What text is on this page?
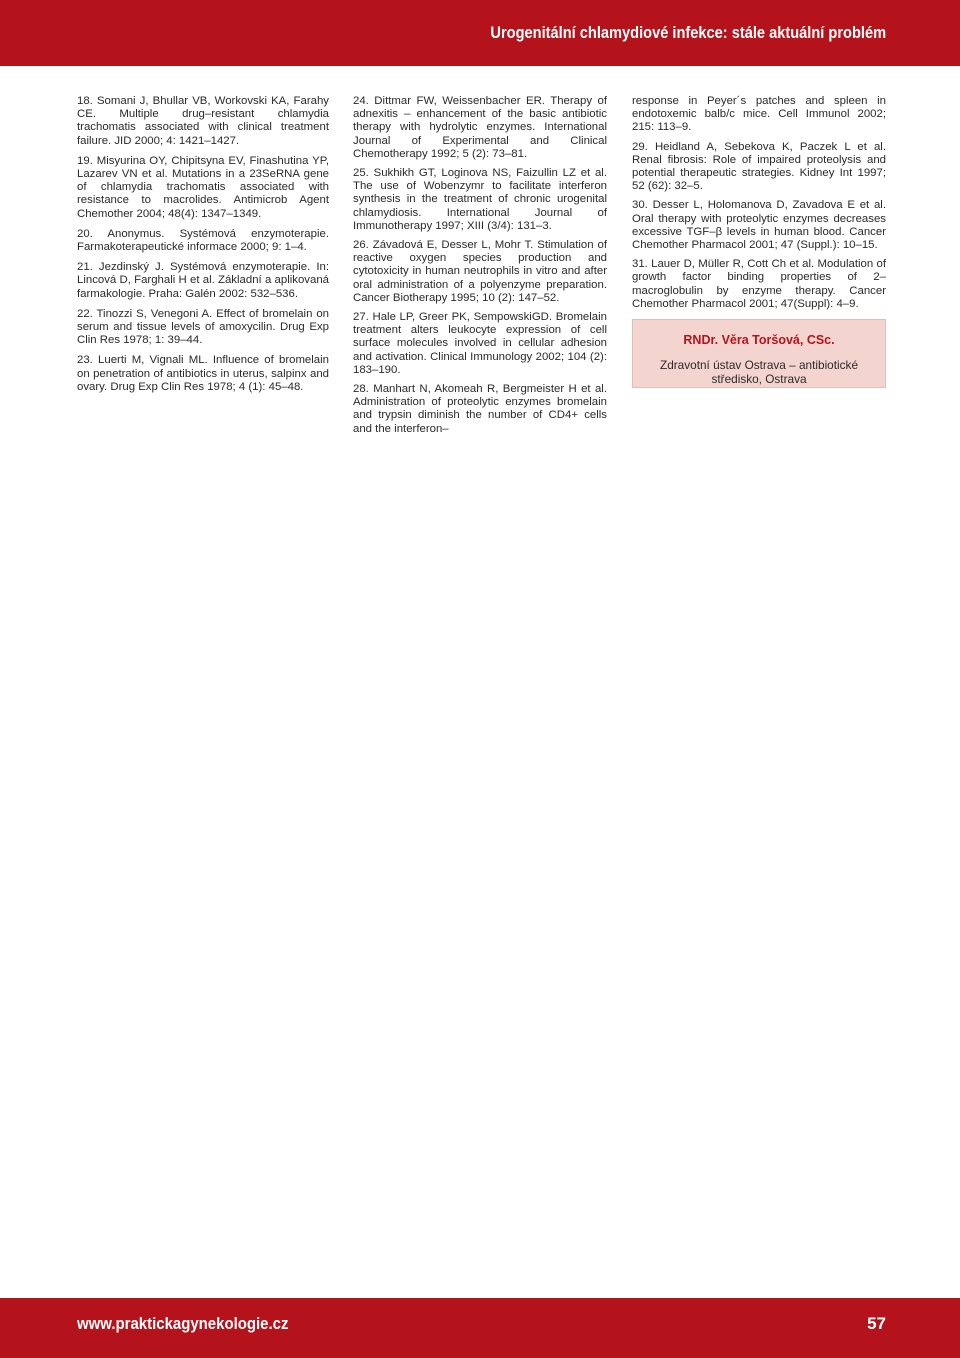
Urogenitální chlamydiové infekce: stále aktuální problém

18. Somani J, Bhullar VB, Workovski KA, Farahy CE. Multiple drug–resistant chlamydia trachomatis associated with clinical treatment failure. JID 2000; 4: 1421–1427.

19. Misyurina OY, Chipitsyna EV, Finashutina YP, Lazarev VN et al. Mutations in a 23SeRNA gene of chlamydia trachomatis associated with resistance to macrolides. Antimicrob Agent Chemother 2004; 48(4): 1347–1349.

20. Anonymus. Systémová enzymoterapie. Farmakoterapeutické informace 2000; 9: 1–4.

21. Jezdinský J. Systémová enzymoterapie. In: Lincová D, Farghali H et al. Základní a aplikovaná farmakologie. Praha: Galén 2002: 532–536.

22. Tinozzi S, Venegoni A. Effect of bromelain on serum and tissue levels of amoxycilin. Drug Exp Clin Res 1978; 1: 39–44.

23. Luerti M, Vignali ML. Influence of bromelain on penetration of antibiotics in uterus, salpinx and ovary. Drug Exp Clin Res 1978; 4 (1): 45–48.

24. Dittmar FW, Weissenbacher ER. Therapy of adnexitis – enhancement of the basic antibiotic therapy with hydrolytic enzymes. International Journal of Experimental and Clinical Chemotherapy 1992; 5 (2): 73–81.

25. Sukhikh GT, Loginova NS, Faizullin LZ et al. The use of Wobenzymr to facilitate interferon synthesis in the treatment of chronic urogenital chlamydiosis. International Journal of Immunotherapy 1997; XIII (3/4): 131–3.

26. Závadová E, Desser L, Mohr T. Stimulation of reactive oxygen species production and cytotoxicity in human neutrophils in vitro and after oral administration of a polyenzyme preparation. Cancer Biotherapy 1995; 10 (2): 147–52.

27. Hale LP, Greer PK, SempowskiGD. Bromelain treatment alters leukocyte expression of cell surface molecules involved in cellular adhesion and activation. Clinical Immunology 2002; 104 (2): 183–190.

28. Manhart N, Akomeah R, Bergmeister H et al. Administration of proteolytic enzymes bromelain and trypsin diminish the number of CD4+ cells and the interferon–

response in Peyer´s patches and spleen in endotoxemic balb/c mice. Cell Immunol 2002; 215: 113–9.

29. Heidland A, Sebekova K, Paczek L et al. Renal fibrosis: Role of impaired proteolysis and potential therapeutic strategies. Kidney Int 1997; 52 (62): 32–5.

30. Desser L, Holomanova D, Zavadova E et al. Oral therapy with proteolytic enzymes decreases excessive TGF–β levels in human blood. Cancer Chemother Pharmacol 2001; 47 (Suppl.): 10–15.

31. Lauer D, Müller R, Cott Ch et al. Modulation of growth factor binding properties of 2–macroglobulin by enzyme therapy. Cancer Chemother Pharmacol 2001; 47(Suppl): 4–9.

RNDr. Věra Toršová, CSc.
Zdravotní ústav Ostrava – antibiotické středisko, Ostrava
www.praktickagynekologie.cz	57
